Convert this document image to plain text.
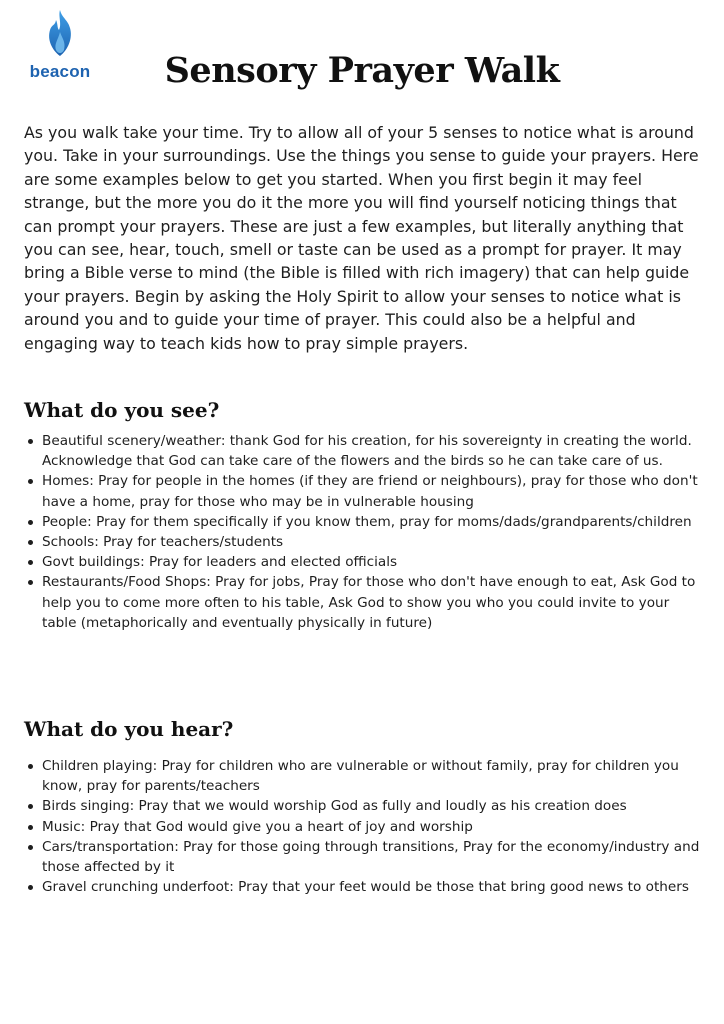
beacon	Sensory Prayer Walk

As you walk take your time. Try to allow all of your 5 senses to notice what is around you. Take in your surroundings. Use the things you sense to guide your prayers. Here are some examples below to get you started. When you first begin it may feel strange, but the more you do it the more you will find yourself noticing things that can prompt your prayers. These are just a few examples, but literally anything that you can see, hear, touch, smell or taste can be used as a prompt for prayer. It may bring a Bible verse to mind (the Bible is filled with rich imagery) that can help guide your prayers. Begin by asking the Holy Spirit to allow your senses to notice what is around you and to guide your time of prayer. This could also be a helpful and engaging way to teach kids how to pray simple prayers.

What do you see?
Beautiful scenery/weather: thank God for his creation, for his sovereignty in creating the world. Acknowledge that God can take care of the flowers and the birds so he can take care of us.
Homes: Pray for people in the homes (if they are friend or neighbours), pray for those who don't have a home, pray for those who may be in vulnerable housing
People: Pray for them specifically if you know them, pray for moms/dads/grandparents/children
Schools: Pray for teachers/students
Govt buildings: Pray for leaders and elected officials
Restaurants/Food Shops: Pray for jobs, Pray for those who don't have enough to eat, Ask God to help you to come more often to his table, Ask God to show you who you could invite to your table (metaphorically and eventually physically in future)
What do you hear?
Children playing: Pray for children who are vulnerable or without family, pray for children you know, pray for parents/teachers
Birds singing: Pray that we would worship God as fully and loudly as his creation does
Music: Pray that God would give you a heart of joy and worship
Cars/transportation: Pray for those going through transitions, Pray for the economy/industry and those affected by it
Gravel crunching underfoot: Pray that your feet would be those that bring good news to others
